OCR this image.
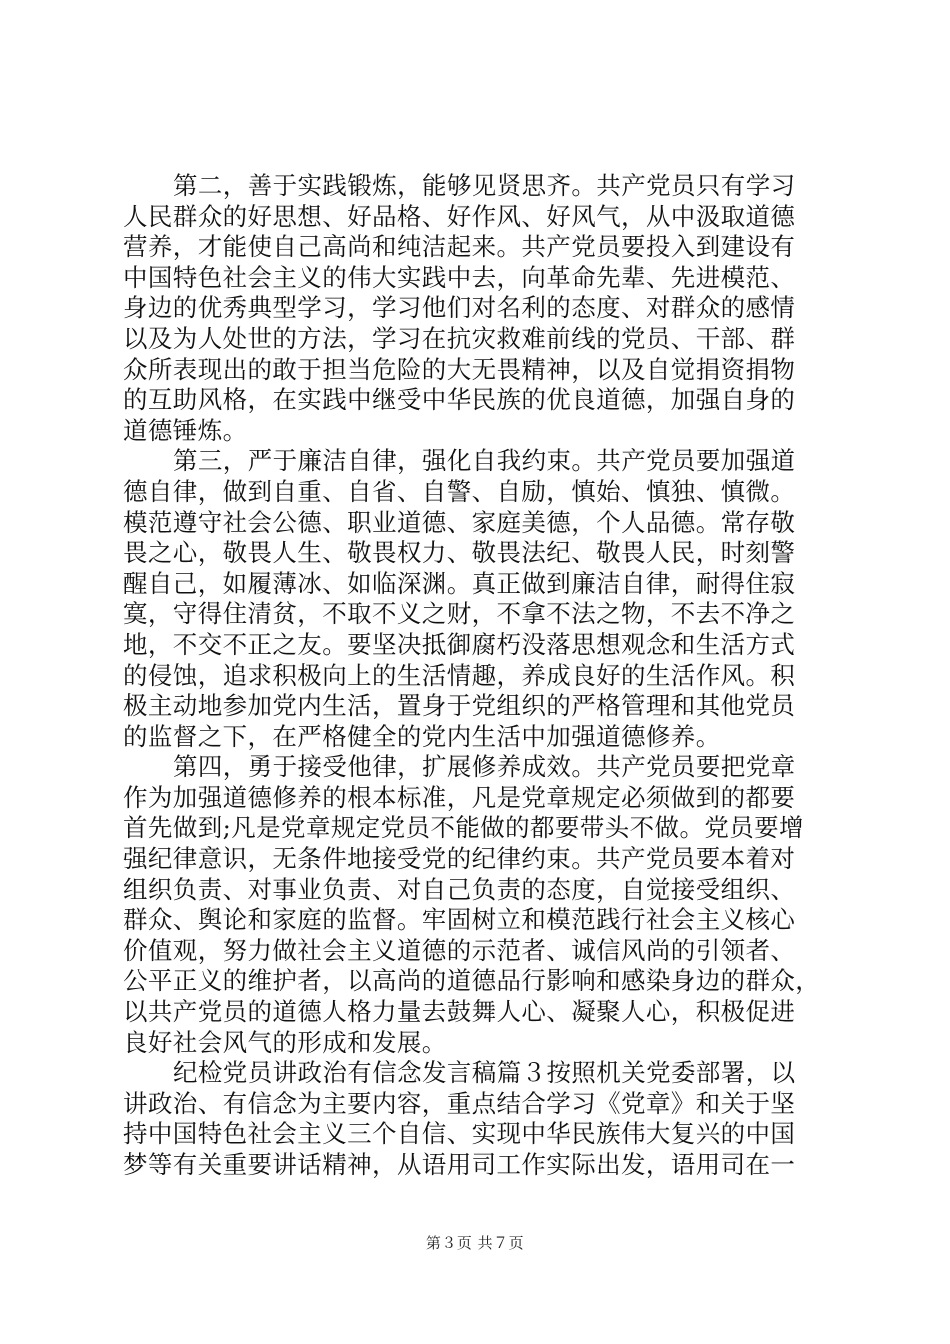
第二，善于实践锻炼，能够见贤思齐。共产党员只有学习
人民群众的好思想、好品格、好作风、好风气，从中汲取道德
营养，才能使自己高尚和纯洁起来。共产党员要投入到建设有
中国特色社会主义的伟大实践中去，向革命先辈、先进模范、
身边的优秀典型学习，学习他们对名利的态度、对群众的感情
以及为人处世的方法，学习在抗灾救难前线的党员、干部、群
众所表现出的敢于担当危险的大无畏精神，以及自觉捐资捐物
的互助风格，在实践中继受中华民族的优良道德，加强自身的
道德锤炼。
第三，严于廉洁自律，强化自我约束。共产党员要加强道
德自律，做到自重、自省、自警、自励，慎始、慎独、慎微。
模范遵守社会公德、职业道德、家庭美德，个人品德。常存敬
畏之心，敬畏人生、敬畏权力、敬畏法纪、敬畏人民，时刻警
醒自己，如履薄冰、如临深渊。真正做到廉洁自律，耐得住寂
寞，守得住清贫，不取不义之财，不拿不法之物，不去不净之
地，不交不正之友。要坚决抵御腐朽没落思想观念和生活方式
的侵蚀，追求积极向上的生活情趣，养成良好的生活作风。积
极主动地参加党内生活，置身于党组织的严格管理和其他党员
的监督之下，在严格健全的党内生活中加强道德修养。
第四，勇于接受他律，扩展修养成效。共产党员要把党章
作为加强道德修养的根本标准，凡是党章规定必须做到的都要
首先做到;凡是党章规定党员不能做的都要带头不做。党员要增
强纪律意识，无条件地接受党的纪律约束。共产党员要本着对
组织负责、对事业负责、对自己负责的态度，自觉接受组织、
群众、舆论和家庭的监督。牢固树立和模范践行社会主义核心
价值观，努力做社会主义道德的示范者、诚信风尚的引领者、
公平正义的维护者，以高尚的道德品行影响和感染身边的群众，
以共产党员的道德人格力量去鼓舞人心、凝聚人心，积极促进
良好社会风气的形成和发展。
纪检党员讲政治有信念发言稿篇３按照机关党委部署，以
讲政治、有信念为主要内容，重点结合学习《党章》和关于坚
持中国特色社会主义三个自信、实现中华民族伟大复兴的中国
梦等有关重要讲话精神，从语用司工作实际出发，语用司在一
第３页 共７页
